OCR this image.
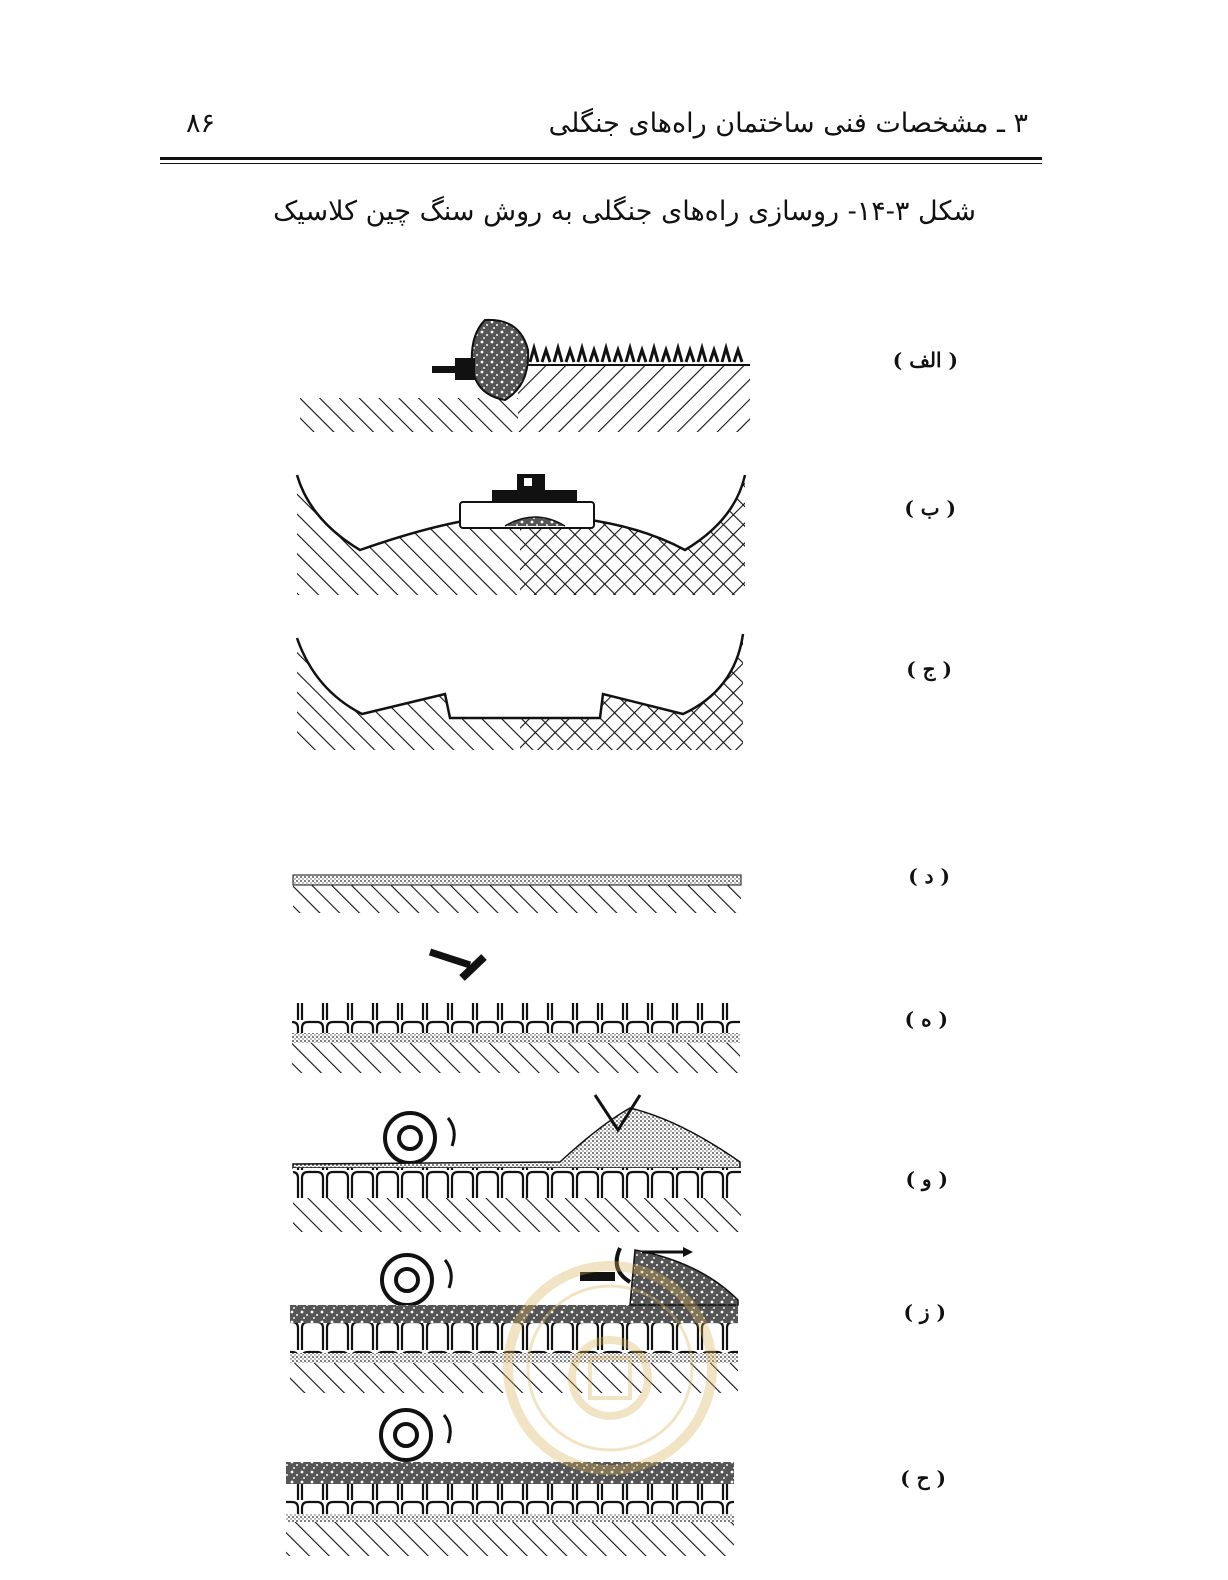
۳ ـ مشخصات فنی ساختمان راه‌های جنگلی
۸۶
شکل ۳-۱۴- روسازی راه‌های جنگلی به روش سنگ چین کلاسیک
( الف )
( ب )
( ج )
( د )
( ه )
( و )
( ز )
( ح )
